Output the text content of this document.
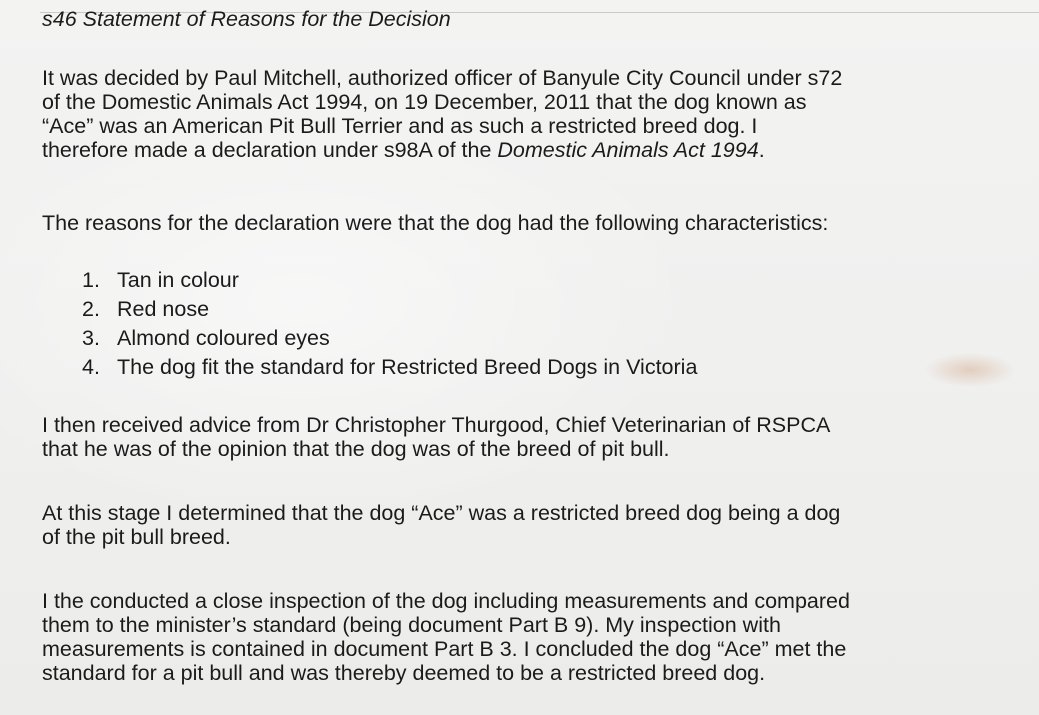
s46 Statement of Reasons for the Decision

It was decided by Paul Mitchell, authorized officer of Banyule City Council under s72
of the Domestic Animals Act 1994, on 19 December, 2011 that the dog known as
“Ace” was an American Pit Bull Terrier and as such a restricted breed dog. I
therefore made a declaration under s98A of the Domestic Animals Act 1994.

The reasons for the declaration were that the dog had the following characteristics:

1. Tan in colour
2. Red nose
3. Almond coloured eyes
4. The dog fit the standard for Restricted Breed Dogs in Victoria

I then received advice from Dr Christopher Thurgood, Chief Veterinarian of RSPCA
that he was of the opinion that the dog was of the breed of pit bull.

At this stage I determined that the dog “Ace” was a restricted breed dog being a dog
of the pit bull breed.

I the conducted a close inspection of the dog including measurements and compared
them to the minister’s standard (being document Part B 9). My inspection with
measurements is contained in document Part B 3. I concluded the dog “Ace” met the
standard for a pit bull and was thereby deemed to be a restricted breed dog.
